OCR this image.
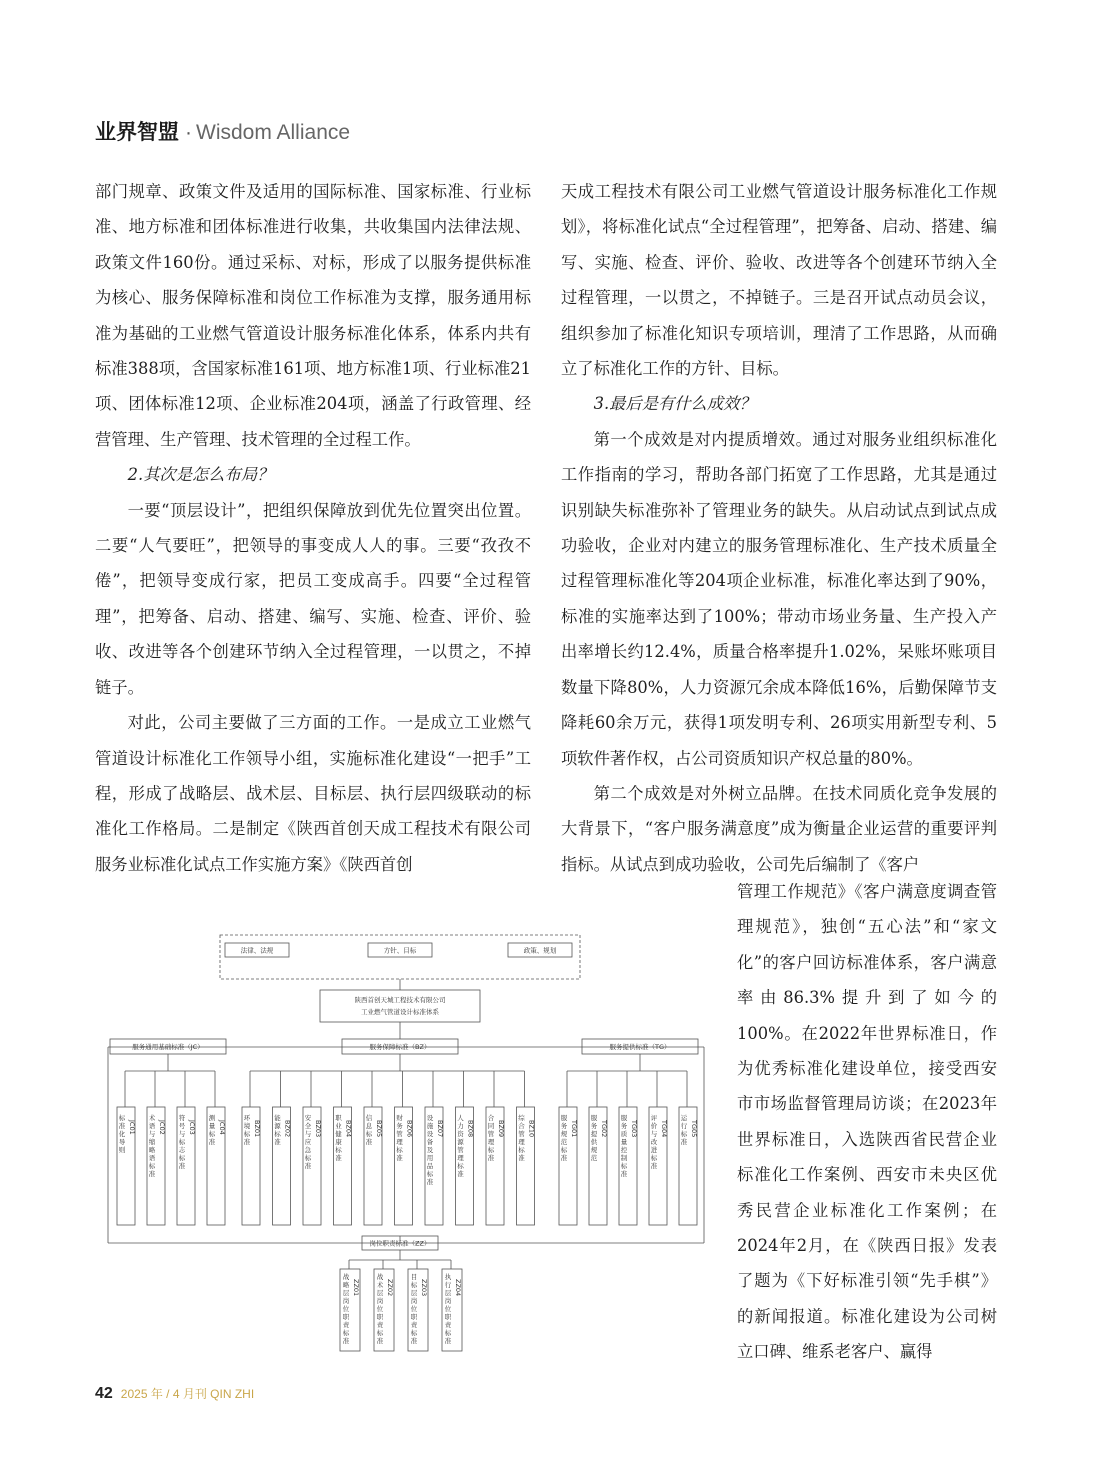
业界智盟 · Wisdom Alliance

部门规章、政策文件及适用的国际标准、国家标准、行业标准、地方标准和团体标准进行收集，共收集国内法律法规、政策文件160份。通过采标、对标，形成了以服务提供标准为核心、服务保障标准和岗位工作标准为支撑，服务通用标准为基础的工业燃气管道设计服务标准化体系，体系内共有标准388项，含国家标准161项、地方标准1项、行业标准21项、团体标准12项、企业标准204项，涵盖了行政管理、经营管理、生产管理、技术管理的全过程工作。

2.其次是怎么布局？

一要“顶层设计”，把组织保障放到优先位置突出位置。二要“人气要旺”，把领导的事变成人人的事。三要“孜孜不倦”，把领导变成行家，把员工变成高手。四要“全过程管理”，把筹备、启动、搭建、编写、实施、检查、评价、验收、改进等各个创建环节纳入全过程管理，一以贯之，不掉链子。

对此，公司主要做了三方面的工作。一是成立工业燃气管道设计标准化工作领导小组，实施标准化建设“一把手”工程，形成了战略层、战术层、目标层、执行层四级联动的标准化工作格局。二是制定《陕西首创天成工程技术有限公司服务业标准化试点工作实施方案》《陕西首创

天成工程技术有限公司工业燃气管道设计服务标准化工作规划》，将标准化试点“全过程管理”，把筹备、启动、搭建、编写、实施、检查、评价、验收、改进等各个创建环节纳入全过程管理，一以贯之，不掉链子。三是召开试点动员会议，组织参加了标准化知识专项培训，理清了工作思路，从而确立了标准化工作的方针、目标。

3.最后是有什么成效？

第一个成效是对内提质增效。通过对服务业组织标准化工作指南的学习，帮助各部门拓宽了工作思路，尤其是通过识别缺失标准弥补了管理业务的缺失。从启动试点到试点成功验收，企业对内建立的服务管理标准化、生产技术质量全过程管理标准化等204项企业标准，标准化率达到了90%，标准的实施率达到了100%；带动市场业务量、生产投入产出率增长约12.4%，质量合格率提升1.02%，呆账坏账项目数量下降80%，人力资源冗余成本降低16%，后勤保障节支降耗60余万元，获得1项发明专利、26项实用新型专利、5项软件著作权，占公司资质知识产权总量的80%。

第二个成效是对外树立品牌。在技术同质化竞争发展的大背景下，“客户服务满意度”成为衡量企业运营的重要评判指标。从试点到成功验收，公司先后编制了《客户

管理工作规范》《客户满意度调查管理规范》，独创“五心法”和“家文化”的客户回访标准体系，客户满意率由86.3%提升到了如今的100%。在2022年世界标准日，作为优秀标准化建设单位，接受西安市市场监督管理局访谈；在2023年世界标准日，入选陕西省民营企业标准化工作案例、西安市未央区优秀民营企业标准化工作案例；在2024年2月，在《陕西日报》发表了题为《下好标准引领“先手棋”》的新闻报道。标准化建设为公司树立口碑、维系老客户、赢得

法律、法规	方针、目标	政策、规划
陕西首创天城工程技术有限公司
工业燃气管道设计标准体系
服务通用基础标准（JC）	服务保障标准（BZ）	服务提供标准（TG）
标
准
化
导
则
JC01
术
语
与
缩
略
语
标
准
JC02
符
号
与
标
志
标
准
JC03
测
量
标
准
JC04
环
境
标
准
BZ01
能
源
标
准
BZ02
安
全
与
应
急
标
准
BZ03
职
业
健
康
标
准
BZ04
信
息
标
准
BZ05
财
务
管
理
标
准
BZ06
设
施
设
备
及
用
品
标
准
BZ07
人
力
资
源
管
理
标
准
BZ08
合
同
管
理
标
准
BZ09
综
合
管
理
标
准
BZ10
服
务
规
范
标
准
TG01
服
务
提
供
规
范
TG02
服
务
质
量
控
制
标
准
TG03
评
价
与
改
进
标
准
TG04
运
行
标
准
TG05
岗位职责标准（ZZ）
战
略
层
岗
位
职
责
标
准
ZZ01
战
术
层
岗
位
职
责
标
准
ZZ02
目
标
层
岗
位
职
责
标
准
ZZ03
执
行
层
岗
位
职
责
标
准
ZZ04
42 2025 年 / 4 月刊 QIN ZHI
